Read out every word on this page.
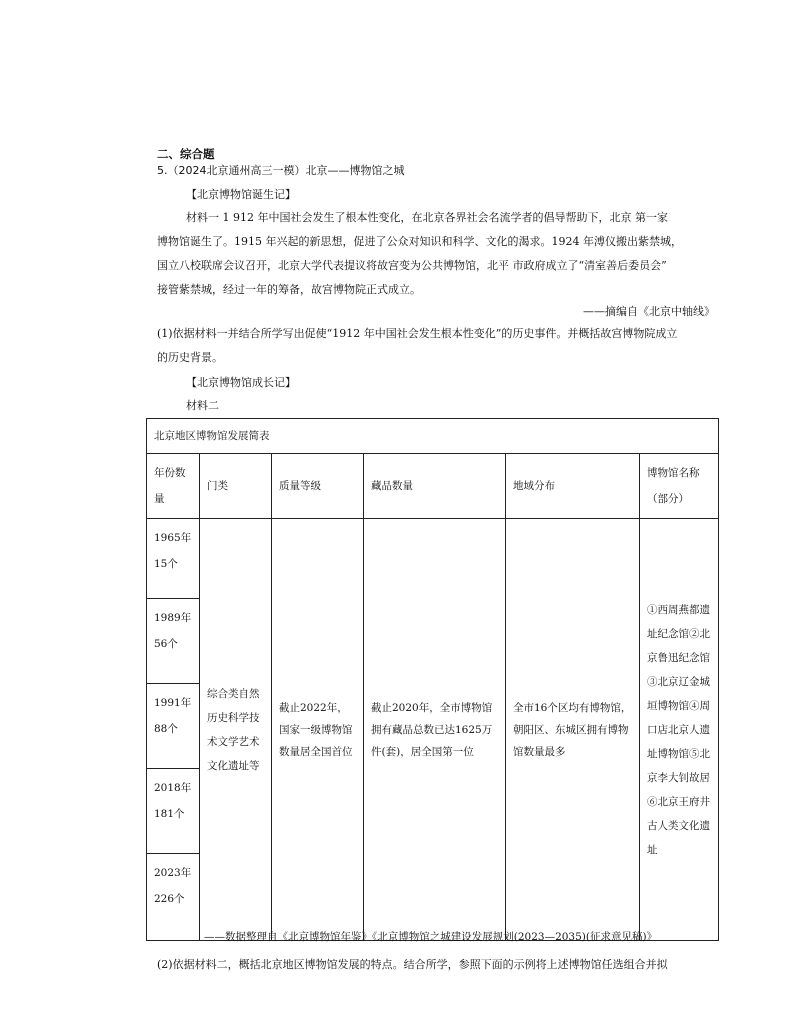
二、综合题
5.（2024北京通州高三一模）北京——博物馆之城
【北京博物馆诞生记】
材料一 1 912 年中国社会发生了根本性变化，在北京各界社会名流学者的倡导帮助下，北京 第一家
博物馆诞生了。1915 年兴起的新思想，促进了公众对知识和科学、文化的渴求。1924 年溥仪搬出紫禁城，
国立八校联席会议召开，北京大学代表提议将故宫变为公共博物馆，北平 市政府成立了“清室善后委员会”
接管紫禁城，经过一年的筹备，故宫博物院正式成立。
——摘编自《北京中轴线》
(1)依据材料一并结合所学写出促使“1912 年中国社会发生根本性变化”的历史事件。并概括故宫博物院成立
的历史背景。
【北京博物馆成长记】
材料二
北京地区博物馆发展简表					
年份数量	门类	质量等级	藏品数量	地域分布	博物馆名称（部分）
1965年15个	综合类自然历史科学技术文学艺术文化遗址等	截止2022年，国家一级博物馆数量居全国首位	截止2020年，全市博物馆拥有藏品总数已达1625万件(套)，居全国第一位	全市16个区均有博物馆，朝阳区、东城区拥有博物馆数量最多	①西周燕都遗址纪念馆②北京鲁迅纪念馆③北京辽金城垣博物馆④周口店北京人遗址博物馆⑤北京李大钊故居⑥北京王府井古人类文化遗址
1989年56个					
1991年88个					
2018年181个					
2023年226个					
——数据整理自《北京博物馆年鉴》《北京博物馆之城建设发展规划(2023—2035)(征求意见稿)》
(2)依据材料二，概括北京地区博物馆发展的特点。结合所学，参照下面的示例将上述博物馆任选组合并拟
